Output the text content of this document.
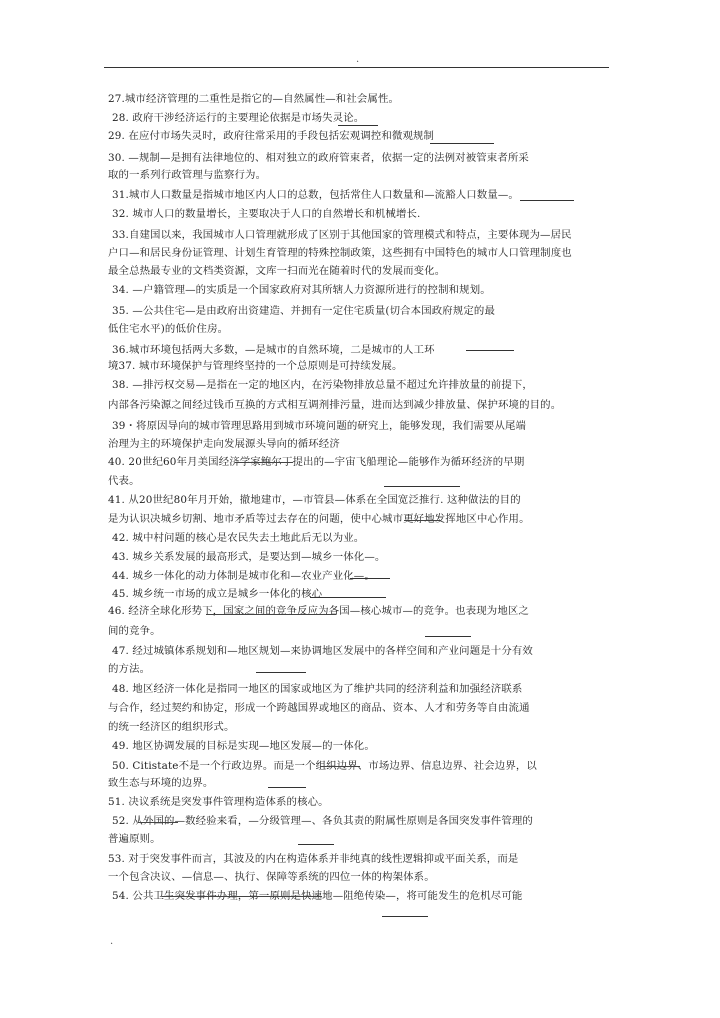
.
27.城市经济管理的二重性是指它的—自然属性—和社会属性。
28. 政府干涉经济运行的主要理论依据是市场失灵论。
29. 在应付市场失灵时，政府往常采用的手段包括宏观调控和微观规制
30. —规制—是拥有法律地位的、相对独立的政府管束者，依据一定的法例对被管束者所采
取的一系列行政管理与监察行为。
31.城市人口数量是指城市地区内人口的总数，包括常住人口数量和—流豁人口数量—。
32. 城市人口的数量增长，主要取决于人口的自然增长和机械增长.
33.自建国以来，我国城市人口管理就形成了区别于其他国家的管理模式和特点，主要体现为—居民
户口—和居民身份证管理、计划生育管理的特殊控制政策，这些拥有中国特色的城市人口管理制度也
最全总热最专业的文档类资源，文库一扫而光在随着时代的发展而变化。
34. —户籍管理—的实质是一个国家政府对其所辖人力资源所进行的控制和规划。
35. —公共住宅—是由政府出资建造、并拥有一定住宅质量(切合本国政府规定的最
低住宅水平)的低价住房。
36.城市环境包括两大多数，—是城市的自然环境，二是城市的人工环
境37. 城市环境保护与管理终坚持的一个总原则是可持续发展。
38. —排污权交易—是指在一定的地区内，在污染物排放总量不超过允许排放量的前提下，
内部各污染源之间经过钱币互换的方式相互调剂排污量，进而达到减少排放量、保护环境的目的。
39・将原因导向的城市管理思路用到城市环境问题的研究上，能够发现，我们需要从尾端
治理为主的环境保护走向发展源头导向的循环经济
40. 20世纪60年月美国经济学家鲍尔丁提出的—宇宙飞船理论—能够作为循环经济的早期
代表。
41. 从20世纪80年月开始，撤地建市，—市管县—体系在全国宽泛推行. 这种做法的目的
是为认识决城乡切割、地市矛盾等过去存在的问题，使中心城市更好地发挥地区中心作用。
42. 城中村问题的核心是农民失去土地此后无以为业。
43. 城乡关系发展的最高形式，是要达到—城乡一体化—。
44. 城乡一体化的动力体制是城市化和—农业产业化—。
45. 城乡统一市场的成立是城乡一体化的核心
46. 经济全球化形势下，国家之间的竞争反应为各国—核心城市—的竞争。也表现为地区之
间的竞争。
47. 经过城镇体系规划和—地区规划—来协调地区发展中的各样空间和产业问题是十分有效
的方法。
48. 地区经济一体化是指同一地区的国家或地区为了维护共同的经济利益和加强经济联系
与合作，经过契约和协定，形成一个跨越国界或地区的商品、资本、人才和劳务等自由流通
的统一经济区的组织形式。
49. 地区协调发展的目标是实现—地区发展—的一体化。
50. Citistate不是一个行政边界。而是一个组织边界、市场边界、信息边界、社会边界，以
致生态与环境的边界。
51. 决议系统是突发事件管理构造体系的核心。
52. 从外国的—数经验来看，—分级管理—、各负其责的附属性原则是各国突发事件管理的
普遍原则。
53. 对于突发事件而言，其波及的内在构造体系并非纯真的线性逻辑抑或平面关系，而是
一个包含决议、—信息—、执行、保障等系统的四位一体的构架体系。
54. 公共卫生突发事件办理，第一原则是快速地—阻绝传染—，将可能发生的危机尽可能
.
